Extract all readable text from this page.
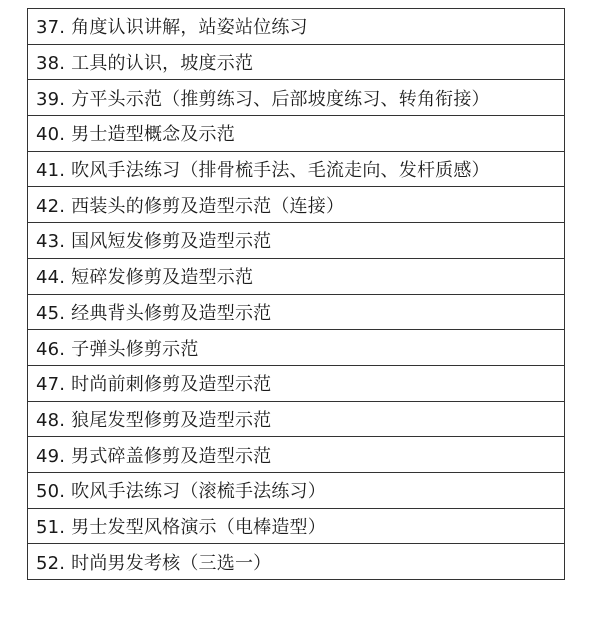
37. 角度认识讲解，站姿站位练习
38. 工具的认识，坡度示范
39. 方平头示范（推剪练习、后部坡度练习、转角衔接）
40. 男士造型概念及示范
41. 吹风手法练习（排骨梳手法、毛流走向、发杆质感）
42. 西装头的修剪及造型示范（连接）
43. 国风短发修剪及造型示范
44. 短碎发修剪及造型示范
45. 经典背头修剪及造型示范
46. 子弹头修剪示范
47. 时尚前刺修剪及造型示范
48. 狼尾发型修剪及造型示范
49. 男式碎盖修剪及造型示范
50. 吹风手法练习（滚梳手法练习）
51. 男士发型风格演示（电棒造型）
52. 时尚男发考核（三选一）
